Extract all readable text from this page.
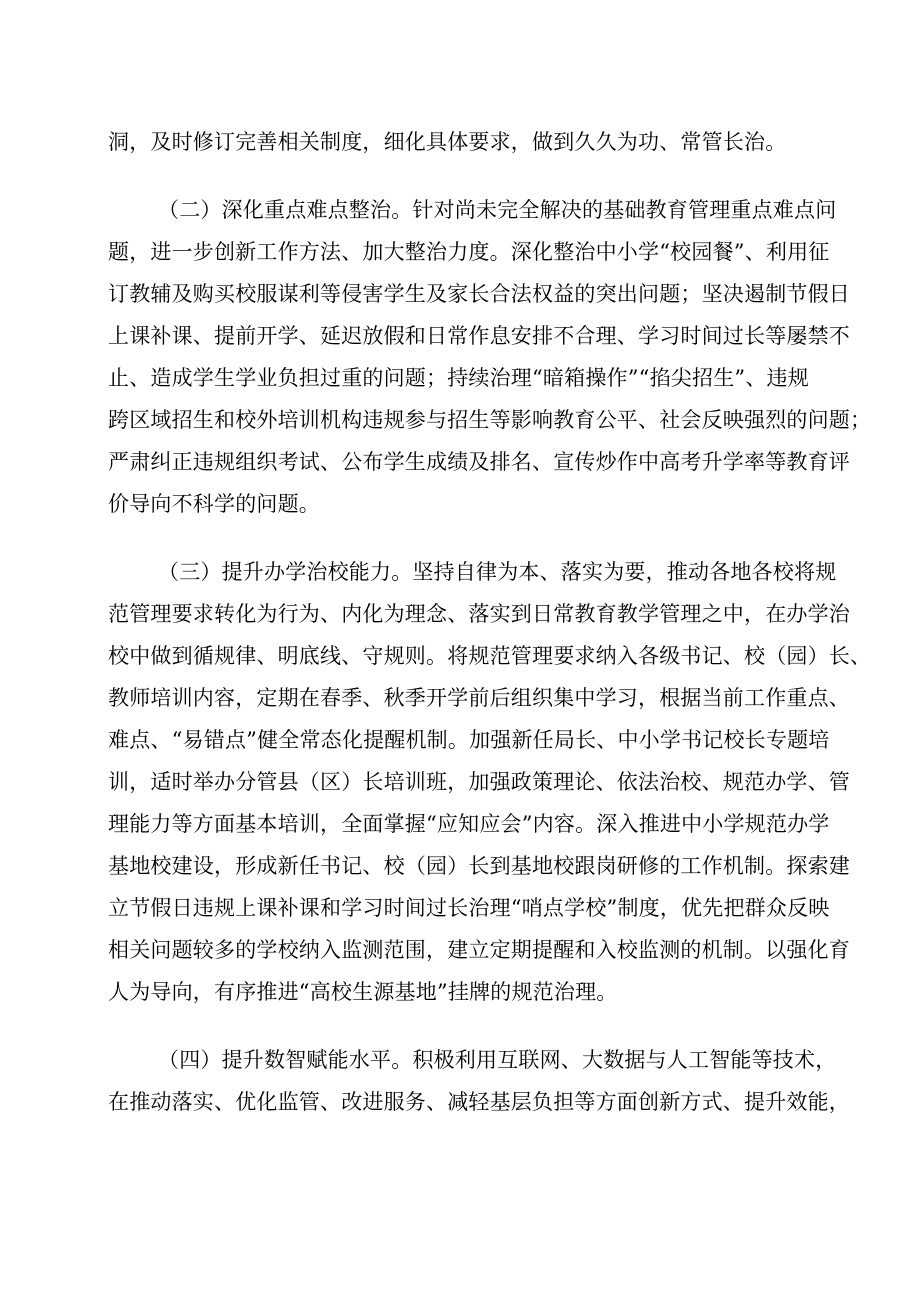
洞，及时修订完善相关制度，细化具体要求，做到久久为功、常管长治。
（二）深化重点难点整治。针对尚未完全解决的基础教育管理重点难点问
题，进一步创新工作方法、加大整治力度。深化整治中小学“校园餐”、利用征
订教辅及购买校服谋利等侵害学生及家长合法权益的突出问题；坚决遏制节假日
上课补课、提前开学、延迟放假和日常作息安排不合理、学习时间过长等屡禁不
止、造成学生学业负担过重的问题；持续治理“暗箱操作”“掐尖招生”、违规
跨区域招生和校外培训机构违规参与招生等影响教育公平、社会反映强烈的问题；
严肃纠正违规组织考试、公布学生成绩及排名、宣传炒作中高考升学率等教育评
价导向不科学的问题。
（三）提升办学治校能力。坚持自律为本、落实为要，推动各地各校将规
范管理要求转化为行为、内化为理念、落实到日常教育教学管理之中，在办学治
校中做到循规律、明底线、守规则。将规范管理要求纳入各级书记、校（园）长、
教师培训内容，定期在春季、秋季开学前后组织集中学习，根据当前工作重点、
难点、“易错点”健全常态化提醒机制。加强新任局长、中小学书记校长专题培
训，适时举办分管县（区）长培训班，加强政策理论、依法治校、规范办学、管
理能力等方面基本培训，全面掌握“应知应会”内容。深入推进中小学规范办学
基地校建设，形成新任书记、校（园）长到基地校跟岗研修的工作机制。探索建
立节假日违规上课补课和学习时间过长治理“哨点学校”制度，优先把群众反映
相关问题较多的学校纳入监测范围，建立定期提醒和入校监测的机制。以强化育
人为导向，有序推进“高校生源基地”挂牌的规范治理。
（四）提升数智赋能水平。积极利用互联网、大数据与人工智能等技术，
在推动落实、优化监管、改进服务、减轻基层负担等方面创新方式、提升效能，
